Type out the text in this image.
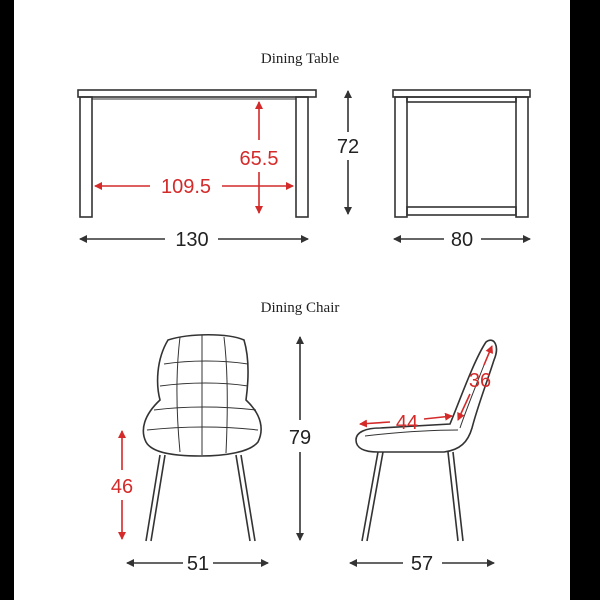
Dining Table
109.5
65.5
72
130	80
Dining Chair
46
79
51
44
36
57
